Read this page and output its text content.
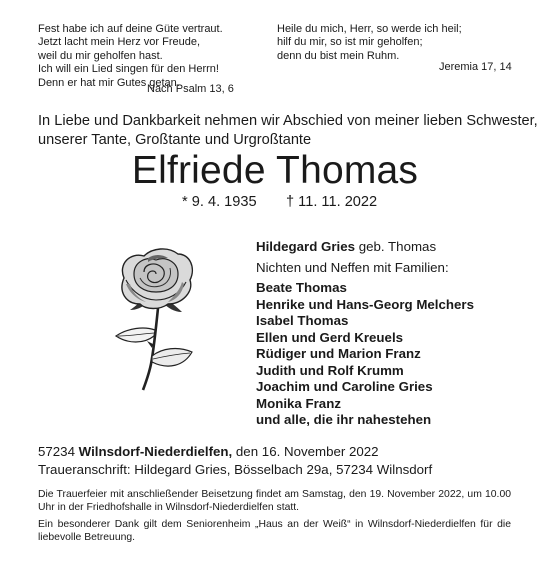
Fest habe ich auf deine Güte vertraut.
Jetzt lacht mein Herz vor Freude,
weil du mir geholfen hast.
Ich will ein Lied singen für den Herrn!
Denn er hat mir Gutes getan.
Nach Psalm 13, 6
Heile du mich, Herr, so werde ich heil;
hilf du mir, so ist mir geholfen;
denn du bist mein Ruhm.
Jeremia 17, 14
In Liebe und Dankbarkeit nehmen wir Abschied von meiner lieben Schwester,
unserer Tante, Großtante und Urgroßtante
Elfriede Thomas
* 9. 4. 1935 † 11. 11. 2022
Hildegard Gries geb. Thomas
Nichten und Neffen mit Familien:
Beate Thomas
Henrike und Hans-Georg Melchers
Isabel Thomas
Ellen und Gerd Kreuels
Rüdiger und Marion Franz
Judith und Rolf Krumm
Joachim und Caroline Gries
Monika Franz
und alle, die ihr nahestehen
57234 Wilnsdorf-Niederdielfen, den 16. November 2022
Traueranschrift: Hildegard Gries, Bösselbach 29a, 57234 Wilnsdorf
Die Trauerfeier mit anschließender Beisetzung findet am Samstag, den 19. November 2022, um 10.00 Uhr in der Friedhofshalle in Wilnsdorf-Niederdielfen statt.
Ein besonderer Dank gilt dem Seniorenheim „Haus an der Weiß“ in Wilnsdorf-Niederdielfen für die liebevolle Betreuung.
